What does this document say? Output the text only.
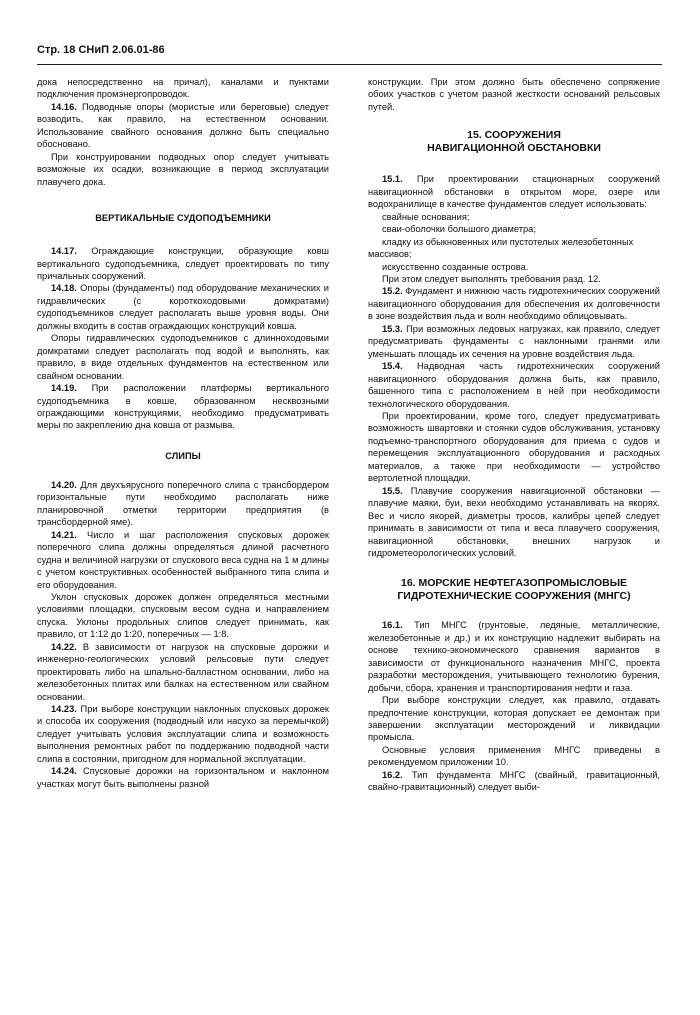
Стр. 18 СНиП 2.06.01-86

дока непосредственно на причал), каналами и пунктами подключения промэнергопроводок.

14.16. Подводные опоры (мористые или береговые) следует возводить, как правило, на естественном основании. Использование свайного основания должно быть специально обосновано.

При конструировании подводных опор следует учитывать возможные их осадки, возникающие в период эксплуатации плавучего дока.

ВЕРТИКАЛЬНЫЕ СУДОПОДЪЕМНИКИ

14.17. Ограждающие конструкции, образующие ковш вертикального судоподъемника, следует проектировать по типу причальных сооружений.

14.18. Опоры (фундаменты) под оборудование механических и гидравлических (с короткоходовыми домкратами) судоподъемников следует располагать выше уровня воды. Они должны входить в состав ограждающих конструкций ковша.

Опоры гидравлических судоподъемников с длинноходовыми домкратами следует располагать под водой и выполнять, как правило, в виде отдельных фундаментов на естественном или свайном основании.

14.19. При расположении платформы вертикального судоподъемника в ковше, образованном несквозными ограждающими конструкциями, необходимо предусматривать меры по закреплению дна ковша от размыва.

СЛИПЫ

14.20. Для двухъярусного поперечного слипа с трансбордером горизонтальные пути необходимо располагать ниже планировочной отметки территории предприятия (в трансбордерной яме).

14.21. Число и шаг расположения спусковых дорожек поперечного слипа должны определяться длиной расчетного судна и величиной нагрузки от спускового веса судна на 1 м длины с учетом конструктивных особенностей выбранного типа слипа и его оборудования.

Уклон спусковых дорожек должен определяться местными условиями площадки, спусковым весом судна и направлением спуска. Уклоны продольных слипов следует принимать, как правило, от 1:12 до 1:20, поперечных — 1:8.

14.22. В зависимости от нагрузок на спусковые дорожки и инженерно-геологических условий рельсовые пути следует проектировать либо на шпально-балластном основании, либо на железобетонных плитах или балках на естественном или свайном основании.

14.23. При выборе конструкции наклонных спусковых дорожек и способа их сооружения (подводный или насухо за перемычкой) следует учитывать условия эксплуатации слипа и возможность выполнения ремонтных работ по поддержанию подводной части слипа в состоянии, пригодном для нормальной эксплуатации.

14.24. Спусковые дорожки на горизонтальном и наклонном участках могут быть выполнены разной

конструкции. При этом должно быть обеспечено сопряжение обоих участков с учетом разной жесткости оснований рельсовых путей.

15. СООРУЖЕНИЯ
НАВИГАЦИОННОЙ ОБСТАНОВКИ

15.1. При проектировании стационарных сооружений навигационной обстановки в открытом море, озере или водохранилище в качестве фундаментов следует использовать:

свайные основания;

сваи-оболочки большого диаметра;

кладку из обыкновенных или пустотелых железобетонных массивов;

искусственно созданные острова.

При этом следует выполнять требования разд. 12.

15.2. Фундамент и нижнюю часть гидротехнических сооружений навигационного оборудования для обеспечения их долговечности в зоне воздействия льда и волн необходимо облицовывать.

15.3. При возможных ледовых нагрузках, как правило, следует предусматривать фундаменты с наклонными гранями или уменьшать площадь их сечения на уровне воздействия льда.

15.4. Надводная часть гидротехнических сооружений навигационного оборудования должна быть, как правило, башенного типа с расположением в ней при необходимости технологического оборудования.

При проектировании, кроме того, следует предусматривать возможность швартовки и стоянки судов обслуживания, установку подъемно-транспортного оборудования для приема с судов и перемещения эксплуатационного оборудования и расходных материалов, а также при необходимости — устройство вертолетной площадки.

15.5. Плавучие сооружения навигационной обстановки — плавучие маяки, буи, вехи необходимо устанавливать на якорях. Вес и число якорей, диаметры тросов, калибры цепей следует принимать в зависимости от типа и веса плавучего сооружения, навигационной обстановки, внешних нагрузок и гидрометеорологических условий.

16. МОРСКИЕ НЕФТЕГАЗОПРОМЫСЛОВЫЕ
ГИДРОТЕХНИЧЕСКИЕ СООРУЖЕНИЯ (МНГС)

16.1. Тип МНГС (грунтовые, ледяные, металлические, железобетонные и др.) и их конструкцию надлежит выбирать на основе технико-экономического сравнения вариантов в зависимости от функционального назначения МНГС, проекта разработки месторождения, учитывающего технологию бурения, добычи, сбора, хранения и транспортирования нефти и газа.

При выборе конструкции следует, как правило, отдавать предпочтение конструкции, которая допускает ее демонтаж при завершении эксплуатации месторождений и ликвидации промысла.

Основные условия применения МНГС приведены в рекомендуемом приложении 10.

16.2. Тип фундамента МНГС (свайный, гравитационный, свайно-гравитационный) следует выби-
